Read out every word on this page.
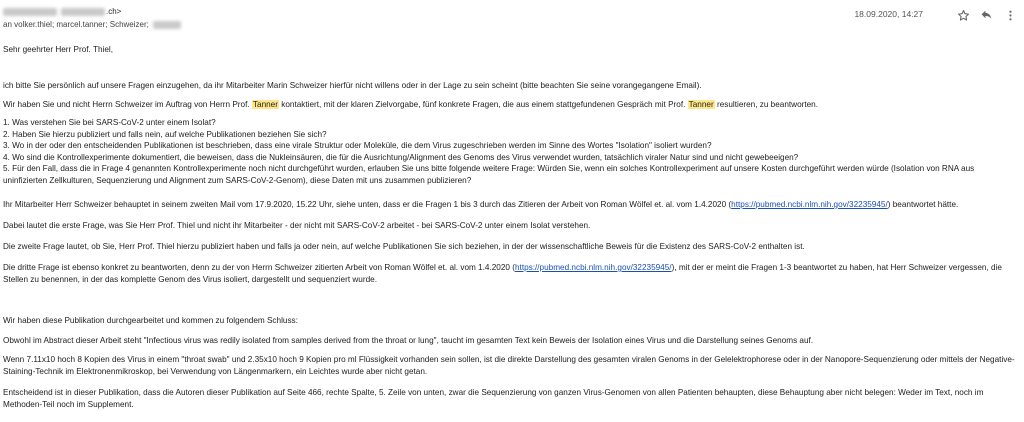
.ch>
an volker.thiel; marcel.tanner; Schweizer;
18.09.2020, 14:27

Sehr geehrter Herr Prof. Thiel,

ich bitte Sie persönlich auf unsere Fragen einzugehen, da ihr Mitarbeiter Marin Schweizer hierfür nicht willens oder in der Lage zu sein scheint (bitte beachten Sie seine vorangegangene Email).

Wir haben Sie und nicht Herrn Schweizer im Auftrag von Herrn Prof. Tanner kontaktiert, mit der klaren Zielvorgabe, fünf konkrete Fragen, die aus einem stattgefundenen Gespräch mit Prof. Tanner resultieren, zu beantworten.

1. Was verstehen Sie bei SARS-CoV-2 unter einem Isolat?
2. Haben Sie hierzu publiziert und falls nein, auf welche Publikationen beziehen Sie sich?
3. Wo in der oder den entscheidenden Publikationen ist beschrieben, dass eine virale Struktur oder Moleküle, die dem Virus zugeschrieben werden im Sinne des Wortes "Isolation" isoliert wurden?
4. Wo sind die Kontrollexperimente dokumentiert, die beweisen, dass die Nukleinsäuren, die für die Ausrichtung/Alignment des Genoms des Virus verwendet wurden, tatsächlich viraler Natur sind und nicht gewebeeigen?
5. Für den Fall, dass die in Frage 4 genannten Kontrollexperimente noch nicht durchgeführt wurden, erlauben Sie uns bitte folgende weitere Frage: Würden Sie, wenn ein solches Kontrollexperiment auf unsere Kosten durchgeführt werden würde (Isolation von RNA aus uninfizierten Zellkulturen, Sequenzierung und Alignment zum SARS-CoV-2-Genom), diese Daten mit uns zusammen publizieren?

Ihr Mitarbeiter Herr Schweizer behauptet in seinem zweiten Mail vom 17.9.2020, 15.22 Uhr, siehe unten, dass er die Fragen 1 bis 3 durch das Zitieren der Arbeit von Roman Wölfel et. al. vom 1.4.2020 (https://pubmed.ncbi.nlm.nih.gov/32235945/) beantwortet hätte.

Dabei lautet die erste Frage, was Sie Herr Prof. Thiel und nicht ihr Mitarbeiter - der nicht mit SARS-CoV-2 arbeitet - bei SARS-CoV-2 unter einem Isolat verstehen.

Die zweite Frage lautet, ob Sie, Herr Prof. Thiel hierzu publiziert haben und falls ja oder nein, auf welche Publikationen Sie sich beziehen, in der der wissenschaftliche Beweis für die Existenz des SARS-CoV-2 enthalten ist.

Die dritte Frage ist ebenso konkret zu beantworten, denn zu der von Herrn Schweizer zitierten Arbeit von Roman Wölfel et. al. vom 1.4.2020 (https://pubmed.ncbi.nlm.nih.gov/32235945/), mit der er meint die Fragen 1-3 beantwortet zu haben, hat Herr Schweizer vergessen, die Stellen zu benennen, in der das komplette Genom des Virus isoliert, dargestellt und sequenziert wurde.

Wir haben diese Publikation durchgearbeitet und kommen zu folgendem Schluss:

Obwohl im Abstract dieser Arbeit steht "Infectious virus was redily isolated from samples derived from the throat or lung", taucht im gesamten Text kein Beweis der Isolation eines Virus und die Darstellung seines Genoms auf.

Wenn 7.11x10 hoch 8 Kopien des Virus in einem "throat swab" und 2.35x10 hoch 9 Kopien pro ml Flüssigkeit vorhanden sein sollen, ist die direkte Darstellung des gesamten viralen Genoms in der Gelelektrophorese oder in der Nanopore-Sequenzierung oder mittels der Negative-Staining-Technik im Elektronenmikroskop, bei Verwendung von Längenmarkern, ein Leichtes wurde aber nicht getan.

Entscheidend ist in dieser Publikation, dass die Autoren dieser Publikation auf Seite 466, rechte Spalte, 5. Zeile von unten, zwar die Sequenzierung von ganzen Virus-Genomen von allen Patienten behaupten, diese Behauptung aber nicht belegen: Weder im Text, noch im Methoden-Teil noch im Supplement.
